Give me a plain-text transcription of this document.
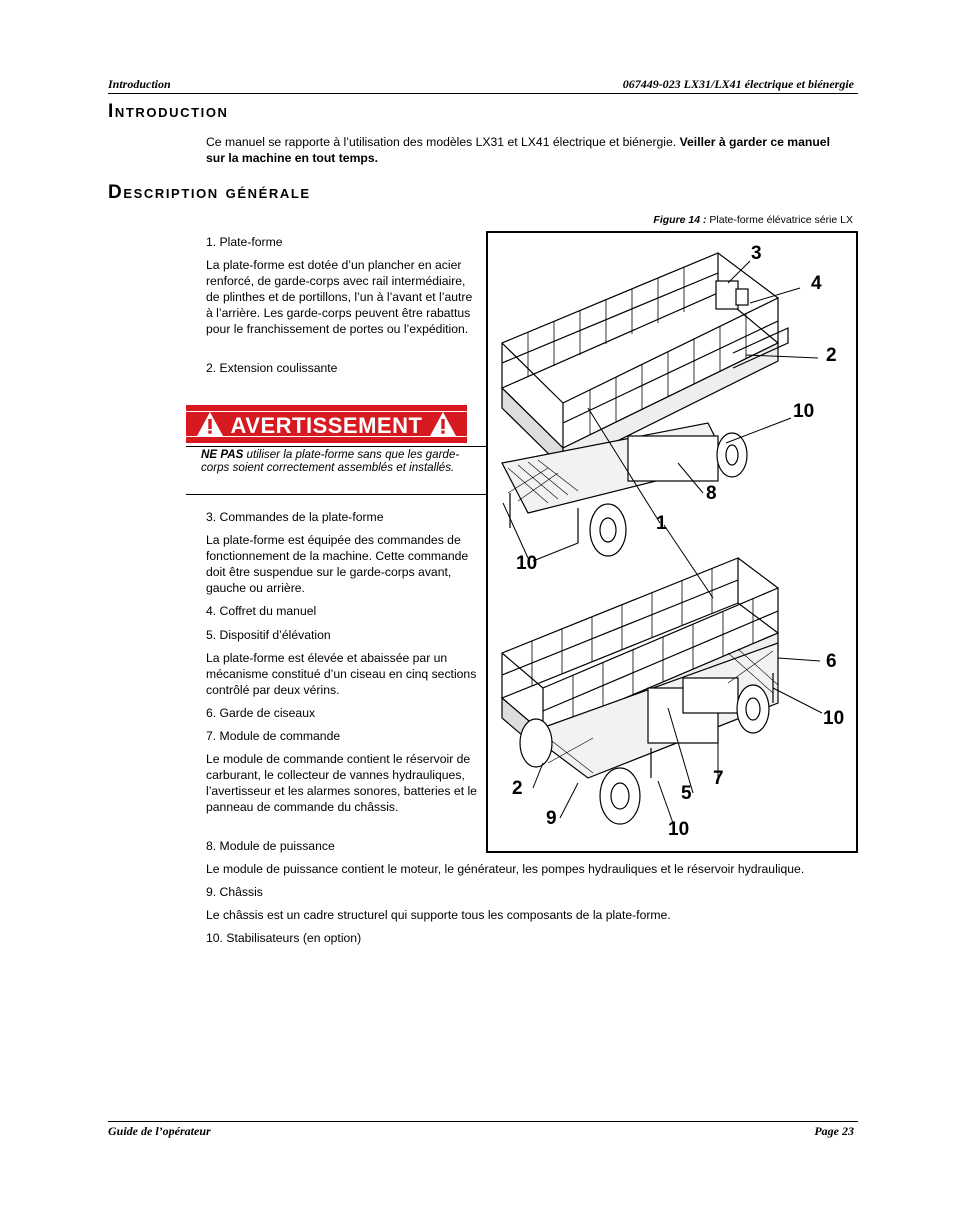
Introduction	067449-023 LX31/LX41 électrique et biénergie
Introduction
Ce manuel se rapporte à l’utilisation des modèles LX31 et LX41 électrique et biénergie. Veiller à garder ce manuel sur la machine en tout temps.
Description générale
Figure 14 : Plate-forme élévatrice série LX
1. Plate-forme
La plate-forme est dotée d’un plancher en acier renforcé, de garde-corps avec rail intermédiaire, de plinthes et de portillons, l’un à l’avant et l’autre à l’arrière. Les garde-corps peuvent être rabattus pour le franchissement de portes ou l’expédition.
2. Extension coulissante
AVERTISSEMENT
NE PAS utiliser la plate-forme sans que les garde-corps soient correctement assemblés et installés.
3. Commandes de la plate-forme
La plate-forme est équipée des commandes de fonctionnement de la machine. Cette commande doit être suspendue sur le garde-corps avant, gauche ou arrière.
4. Coffret du manuel
5. Dispositif d’élévation
La plate-forme est élevée et abaissée par un mécanisme constitué d’un ciseau en cinq sections contrôlé par deux vérins.
6. Garde de ciseaux
7. Module de commande
Le module de commande contient le réservoir de carburant, le collecteur de vannes hydrauliques, l’avertisseur et les alarmes sonores, batteries et le panneau de commande du châssis.
8. Module de puissance
Le module de puissance contient le moteur, le générateur, les pompes hydrauliques et le réservoir hydraulique.
9. Châssis
Le châssis est un cadre structurel qui supporte tous les composants de la plate-forme.
10. Stabilisateurs (en option)
3
4
2
10
8
1
10
6
10
2	5
7
9
10
Guide de l’opérateur	Page 23
